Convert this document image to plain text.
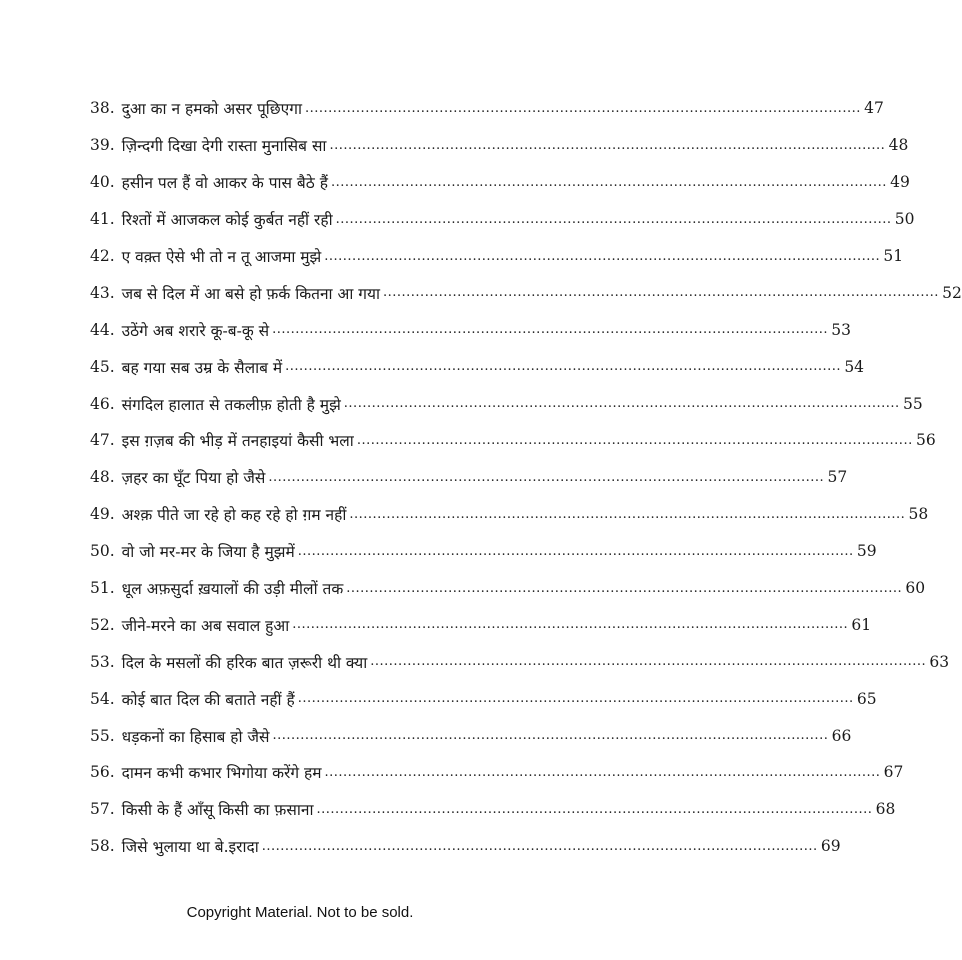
38. दुआ का न हमको असर पूछिएगा ........................................................................................................................ 47
39. ज़िन्दगी दिखा देगी रास्ता मुनासिब सा ........................................................................................................................ 48
40. हसीन पल हैं वो आकर के पास बैठे हैं ........................................................................................................................ 49
41. रिश्तों में आजकल कोई कुर्बत नहीं रही ........................................................................................................................ 50
42. ए वक़्त ऐसे भी तो न तू आजमा मुझे ........................................................................................................................ 51
43. जब से दिल में आ बसे हो फ़र्क कितना आ गया ........................................................................................................................ 52
44. उठेंगे अब शरारे कू-ब-कू से ........................................................................................................................ 53
45. बह गया सब उम्र के सैलाब में ........................................................................................................................ 54
46. संगदिल हालात से तकलीफ़ होती है मुझे ........................................................................................................................ 55
47. इस ग़ज़ब की भीड़ में तनहाइयां कैसी भला ........................................................................................................................ 56
48. ज़हर का घूँट पिया हो जैसे ........................................................................................................................ 57
49. अश्क़ पीते जा रहे हो कह रहे हो ग़म नहीं ........................................................................................................................ 58
50. वो जो मर-मर के जिया है मुझमें ........................................................................................................................ 59
51. धूल अफ़सुर्दा ख़यालों की उड़ी मीलों तक ........................................................................................................................ 60
52. जीने-मरने का अब सवाल हुआ ........................................................................................................................ 61
53. दिल के मसलों की हरिक बात ज़रूरी थी क्या ........................................................................................................................ 63
54. कोई बात दिल की बताते नहीं हैं ........................................................................................................................ 65
55. धड़कनों का हिसाब हो जैसे ........................................................................................................................ 66
56. दामन कभी कभार भिगोया करेंगे हम ........................................................................................................................ 67
57. किसी के हैं आँसू किसी का फ़साना ........................................................................................................................ 68
58. जिसे भुलाया था बे.इरादा ........................................................................................................................ 69
Copyright Material. Not to be sold.
